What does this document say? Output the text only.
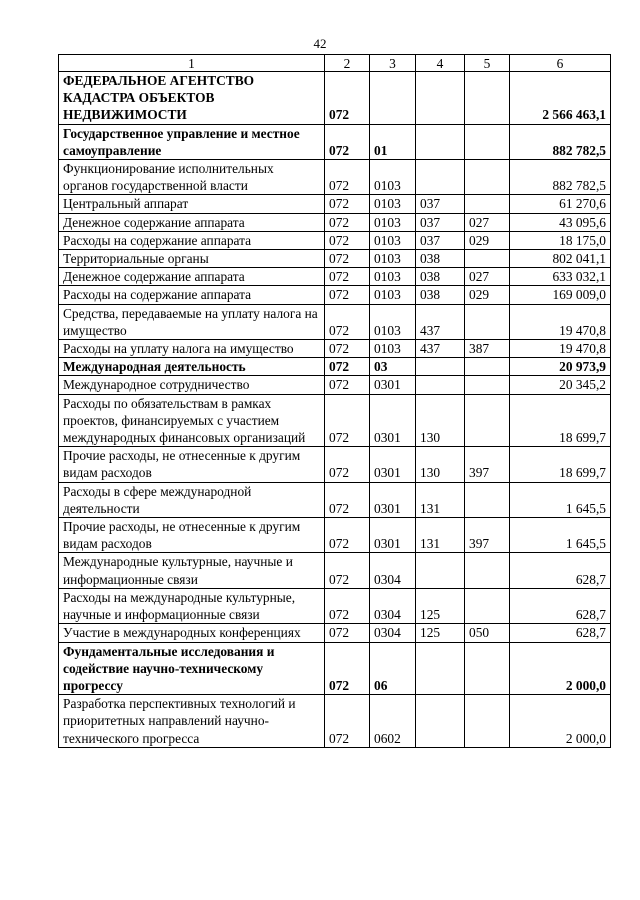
42
1	2	3	4	5	6
ФЕДЕРАЛЬНОЕ АГЕНТСТВО КАДАСТРА ОБЪЕКТОВ НЕДВИЖИМОСТИ	072				2 566 463,1
Государственное управление и местное самоуправление	072	01			882 782,5
Функционирование исполнительных органов государственной власти	072	0103			882 782,5
Центральный аппарат	072	0103	037		61 270,6
Денежное содержание аппарата	072	0103	037	027	43 095,6
Расходы на содержание аппарата	072	0103	037	029	18 175,0
Территориальные органы	072	0103	038		802 041,1
Денежное содержание аппарата	072	0103	038	027	633 032,1
Расходы на содержание аппарата	072	0103	038	029	169 009,0
Средства, передаваемые на уплату налога на имущество	072	0103	437		19 470,8
Расходы на уплату налога на имущество	072	0103	437	387	19 470,8
Международная деятельность	072	03			20 973,9
Международное сотрудничество	072	0301			20 345,2
Расходы по обязательствам в рамках проектов, финансируемых с участием международных финансовых организаций	072	0301	130		18 699,7
Прочие расходы, не отнесенные к другим видам расходов	072	0301	130	397	18 699,7
Расходы в сфере международной деятельности	072	0301	131		1 645,5
Прочие расходы, не отнесенные к другим видам расходов	072	0301	131	397	1 645,5
Международные культурные, научные и информационные связи	072	0304			628,7
Расходы на международные культурные, научные и информационные связи	072	0304	125		628,7
Участие в международных конференциях	072	0304	125	050	628,7
Фундаментальные исследования и содействие научно-техническому прогрессу	072	06			2 000,0
Разработка перспективных технологий и приоритетных направлений научно-технического прогресса	072	0602			2 000,0
